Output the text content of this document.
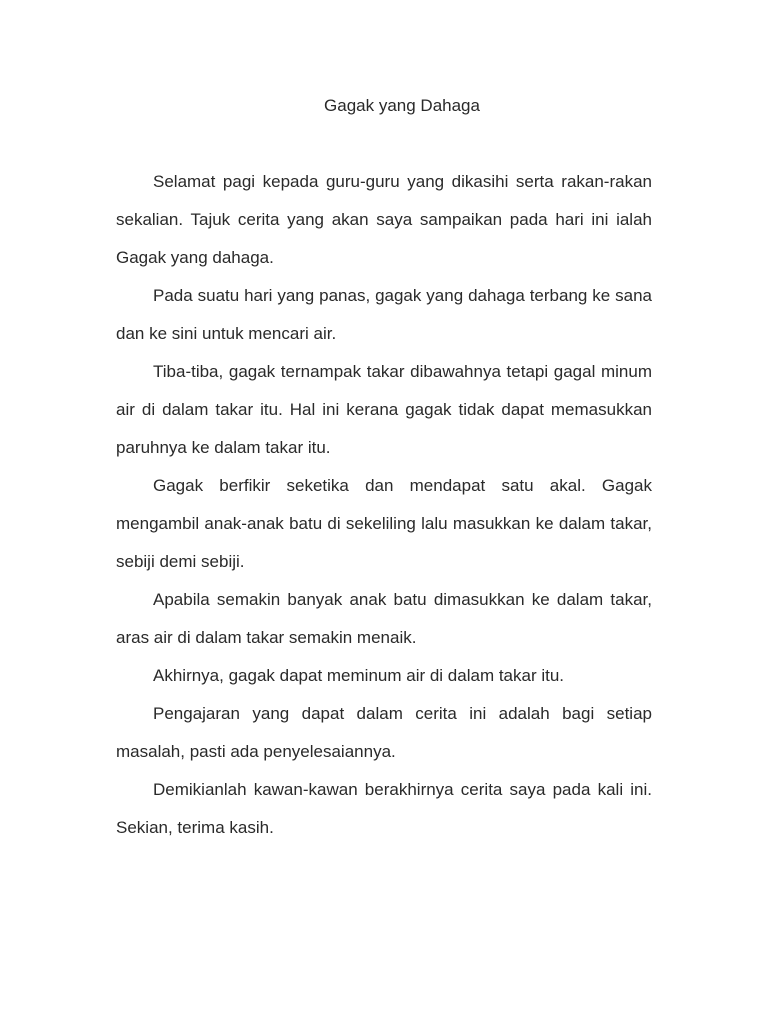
Gagak yang Dahaga

Selamat pagi kepada guru-guru yang dikasihi serta rakan-rakan sekalian. Tajuk cerita yang akan saya sampaikan pada hari ini ialah Gagak yang dahaga.

Pada suatu hari yang panas, gagak yang dahaga terbang ke sana dan ke sini untuk mencari air.

Tiba-tiba, gagak ternampak takar dibawahnya tetapi gagal minum air di dalam takar itu. Hal ini kerana gagak tidak dapat memasukkan paruhnya ke dalam takar itu.

Gagak berfikir seketika dan mendapat satu akal. Gagak mengambil anak-anak batu di sekeliling lalu masukkan ke dalam takar, sebiji demi sebiji.

Apabila semakin banyak anak batu dimasukkan ke dalam takar, aras air di dalam takar semakin menaik.

Akhirnya, gagak dapat meminum air di dalam takar itu.

Pengajaran yang dapat dalam cerita ini adalah bagi setiap masalah, pasti ada penyelesaiannya.

Demikianlah kawan-kawan berakhirnya cerita saya pada kali ini. Sekian, terima kasih.
